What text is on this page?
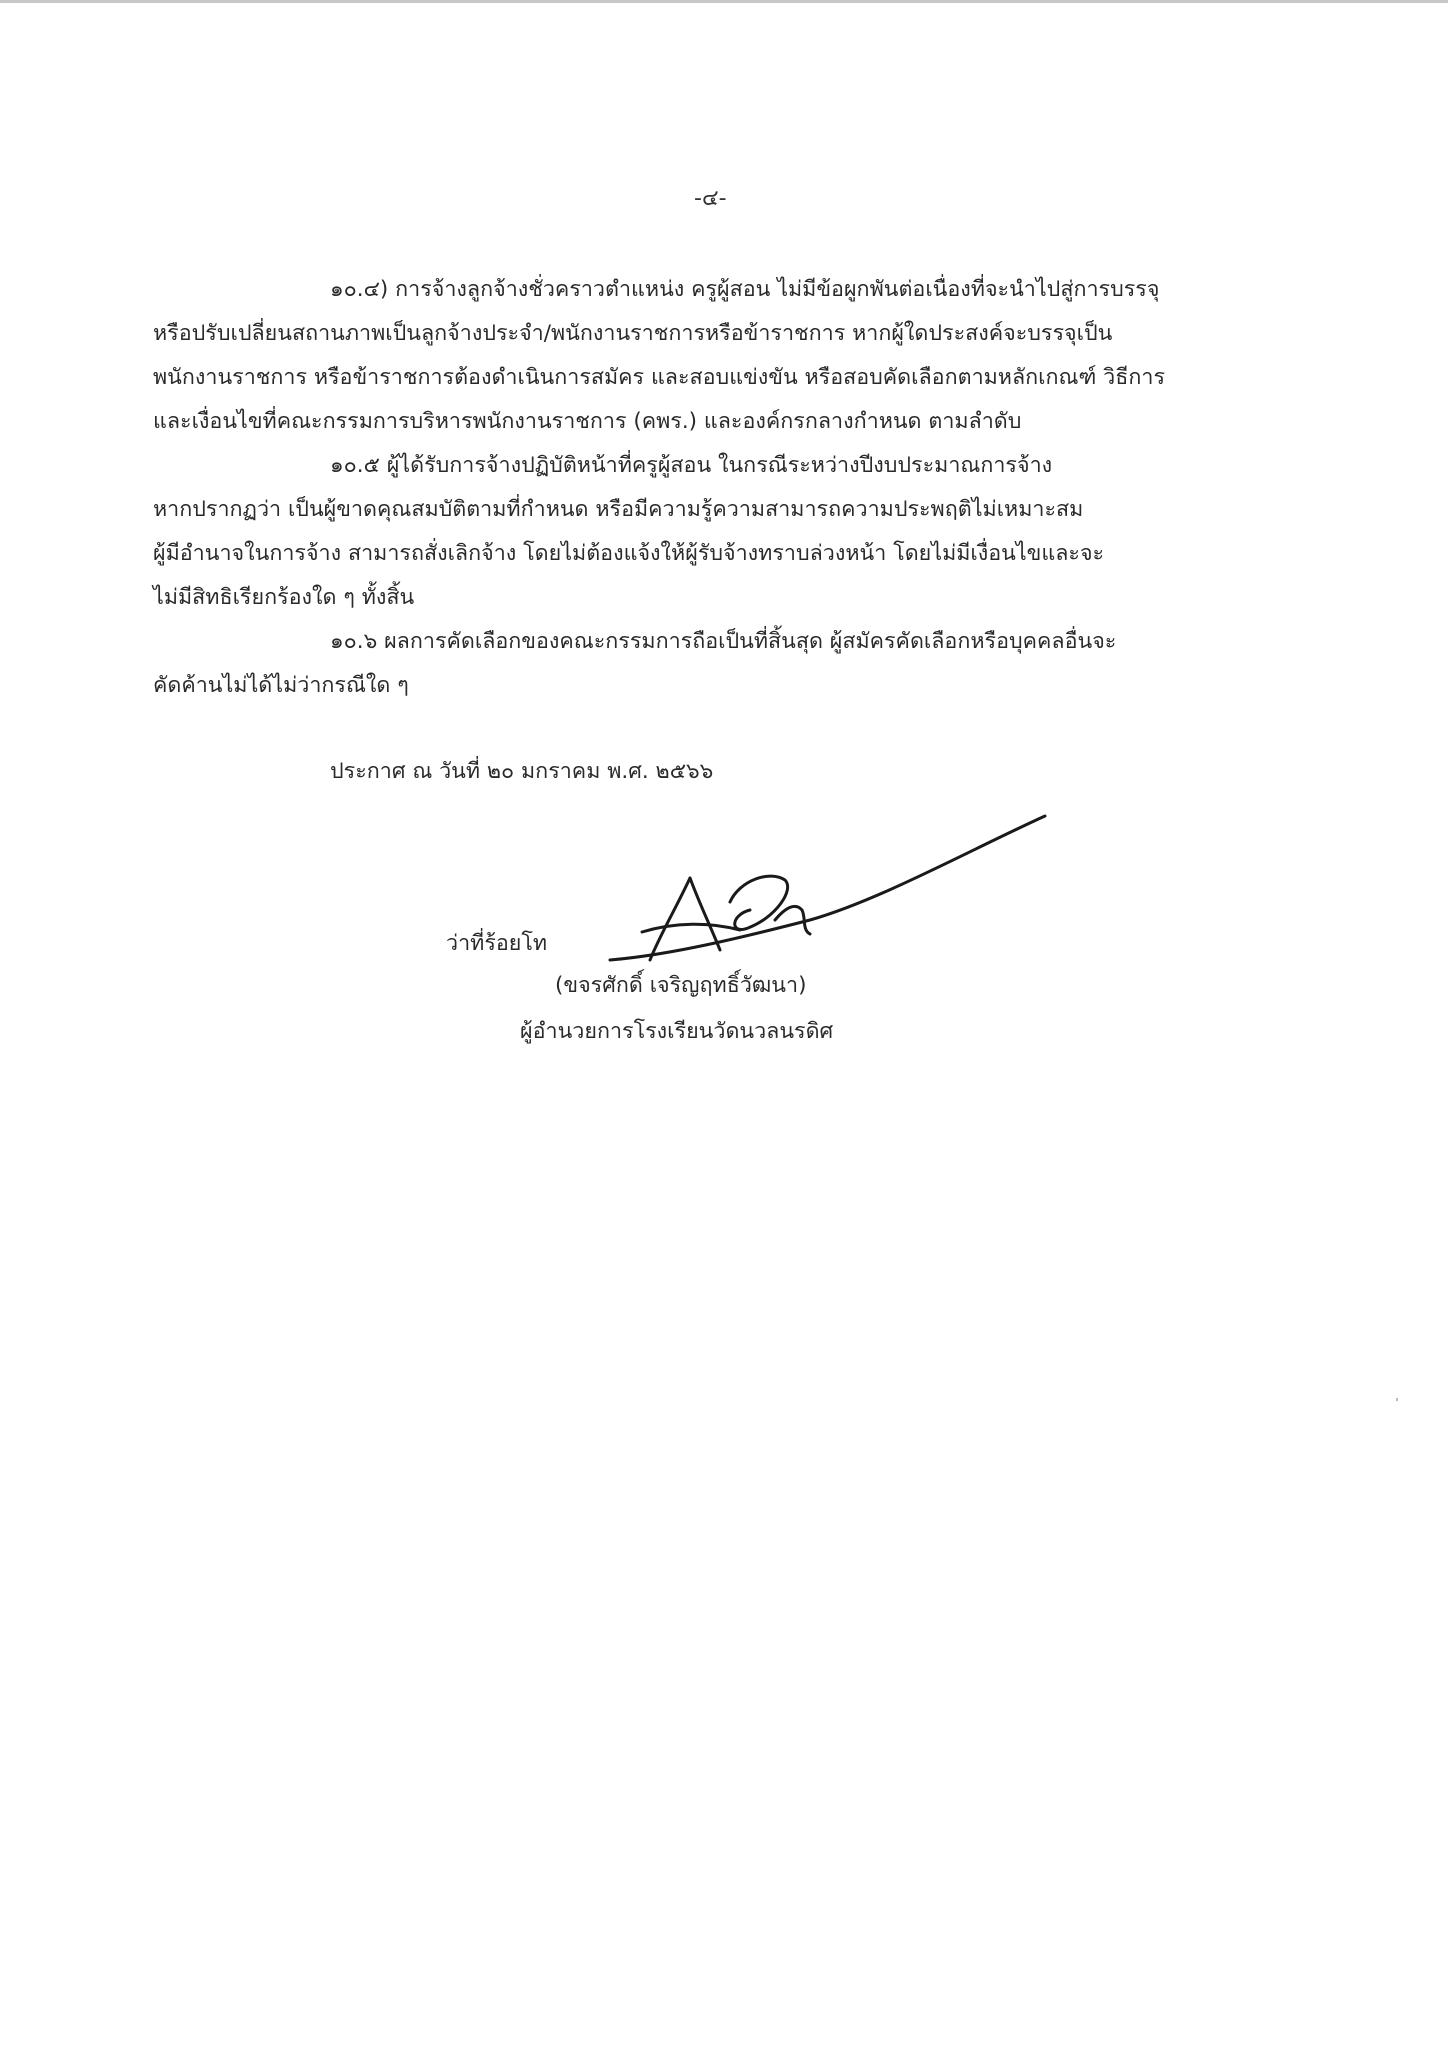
-๔-
๑๐.๔) การจ้างลูกจ้างชั่วคราวตำแหน่ง ครูผู้สอน ไม่มีข้อผูกพันต่อเนื่องที่จะนำไปสู่การบรรจุ
หรือปรับเปลี่ยนสถานภาพเป็นลูกจ้างประจำ/พนักงานราชการหรือข้าราชการ หากผู้ใดประสงค์จะบรรจุเป็น
พนักงานราชการ หรือข้าราชการต้องดำเนินการสมัคร และสอบแข่งขัน หรือสอบคัดเลือกตามหลักเกณฑ์ วิธีการ
และเงื่อนไขที่คณะกรรมการบริหารพนักงานราชการ (คพร.) และองค์กรกลางกำหนด ตามลำดับ
๑๐.๕ ผู้ได้รับการจ้างปฏิบัติหน้าที่ครูผู้สอน ในกรณีระหว่างปีงบประมาณการจ้าง
หากปรากฏว่า เป็นผู้ขาดคุณสมบัติตามที่กำหนด หรือมีความรู้ความสามารถความประพฤติไม่เหมาะสม
ผู้มีอำนาจในการจ้าง สามารถสั่งเลิกจ้าง โดยไม่ต้องแจ้งให้ผู้รับจ้างทราบล่วงหน้า โดยไม่มีเงื่อนไขและจะ
ไม่มีสิทธิเรียกร้องใด ๆ ทั้งสิ้น
๑๐.๖ ผลการคัดเลือกของคณะกรรมการถือเป็นที่สิ้นสุด ผู้สมัครคัดเลือกหรือบุคคลอื่นจะ
คัดค้านไม่ได้ไม่ว่ากรณีใด ๆ
ประกาศ ณ วันที่ ๒๐ มกราคม พ.ศ. ๒๕๖๖
ว่าที่ร้อยโท
(ขจรศักดิ์ เจริญฤทธิ์วัฒนา)
ผู้อำนวยการโรงเรียนวัดนวลนรดิศ
